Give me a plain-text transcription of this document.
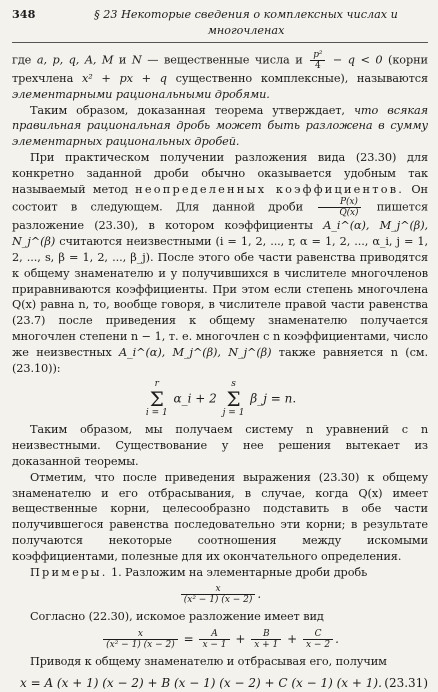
348	§ 23 Некоторые сведения о комплексных числах и многочленах

где a, p, q, A, M и N — вещественные числа и $\frac{\text{p²}}{4} - q < 0$ (корни трехчлена x² + px + q существенно комплексные), называются элементарными рациональными дробями.

Таким образом, доказанная теорема утверждает, что всякая правильная рациональная дробь может быть разложена в сумму элементарных рациональных дробей.

При практическом получении разложения вида (23.30) для конкретно заданной дроби обычно оказывается удобным так называемый метод неопределенных коэффициентов. Он состоит в следующем. Для данной дроби $\frac{P(x)}{Q(x)}$ пишется разложение (23.30), в котором коэффициенты A_i^(α), M_j^(β), N_j^(β) считаются неизвестными (i = 1, 2, ..., r, α = 1, 2, ..., α_i, j = 1, 2, ..., s, β = 1, 2, ..., β_j). После этого обе части равенства приводятся к общему знаменателю и у получившихся в числителе многочленов приравниваются коэффициенты. При этом если степень многочлена Q(x) равна n, то, вообще говоря, в числителе правой части равенства (23.7) после приведения к общему знаменателю получается многочлен степени n − 1, т. е. многочлен с n коэффициентами, число же неизвестных A_i^(α), M_j^(β), N_j^(β) также равняется n (см. (23.10)):

r
Σ
i = 1 α_i + 2 s
Σ
j = 1 β_j = n.

Таким образом, мы получаем систему n уравнений с n неизвестными. Существование у нее решения вытекает из доказанной теоремы.

Отметим, что после приведения выражения (23.30) к общему знаменателю и его отбрасывания, в случае, когда Q(x) имеет вещественные корни, целесообразно подставить в обе части получившегося равенства последовательно эти корни; в результате получаются некоторые соотношения между искомыми коэффициентами, полезные для их окончательного определения.

Примеры. 1. Разложим на элементарные дроби дробь

$\frac{x}{\text{(x² − 1) (x − 2)}}$ .

Согласно (22.30), искомое разложение имеет вид

$\frac{x}{\text{(x² − 1) (x − 2)}} = \frac{A}{x - 1} + \frac{B}{x + 1} + \frac{C}{x - 2}$ .

Приводя к общему знаменателю и отбрасывая его, получим

x = A (x + 1) (x − 2) + B (x − 1) (x − 2) + C (x − 1) (x + 1). (23.31)
